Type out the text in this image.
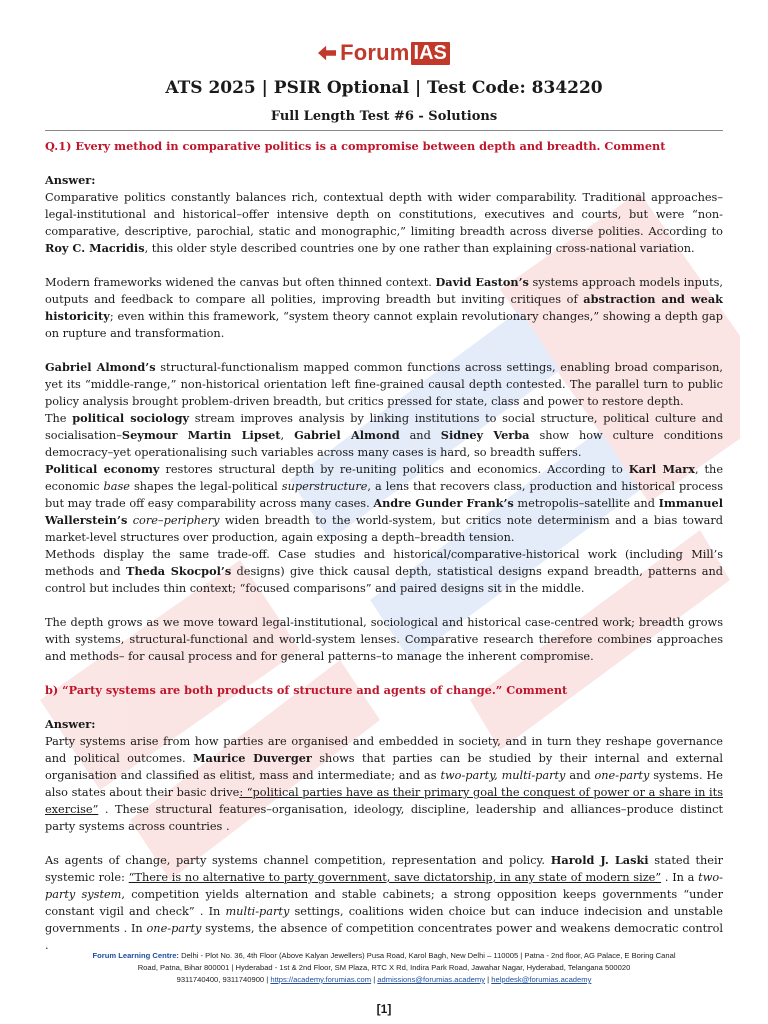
Forum IAS
ATS 2025 | PSIR Optional | Test Code: 834220
Full Length Test #6 - Solutions

Q.1) Every method in comparative politics is a compromise between depth and breadth. Comment

Answer:

Comparative politics constantly balances rich, contextual depth with wider comparability. Traditional approaches–legal-institutional and historical–offer intensive depth on constitutions, executives and courts, but were “non-comparative, descriptive, parochial, static and monographic,” limiting breadth across diverse polities. According to Roy C. Macridis, this older style described countries one by one rather than explaining cross-national variation.

Modern frameworks widened the canvas but often thinned context. David Easton’s systems approach models inputs, outputs and feedback to compare all polities, improving breadth but inviting critiques of abstraction and weak historicity; even within this framework, “system theory cannot explain revolutionary changes,” showing a depth gap on rupture and transformation.

Gabriel Almond’s structural-functionalism mapped common functions across settings, enabling broad comparison, yet its “middle-range,” non-historical orientation left fine-grained causal depth contested. The parallel turn to public policy analysis brought problem-driven breadth, but critics pressed for state, class and power to restore depth.

The political sociology stream improves analysis by linking institutions to social structure, political culture and socialisation–Seymour Martin Lipset, Gabriel Almond and Sidney Verba show how culture conditions democracy–yet operationalising such variables across many cases is hard, so breadth suffers.

Political economy restores structural depth by re-uniting politics and economics. According to Karl Marx, the economic base shapes the legal-political superstructure, a lens that recovers class, production and historical process but may trade off easy comparability across many cases. Andre Gunder Frank’s metropolis–satellite and Immanuel Wallerstein’s core–periphery widen breadth to the world-system, but critics note determinism and a bias toward market-level structures over production, again exposing a depth–breadth tension.

Methods display the same trade-off. Case studies and historical/comparative-historical work (including Mill’s methods and Theda Skocpol’s designs) give thick causal depth, statistical designs expand breadth, patterns and control but includes thin context; “focused comparisons” and paired designs sit in the middle.

The depth grows as we move toward legal-institutional, sociological and historical case-centred work; breadth grows with systems, structural-functional and world-system lenses. Comparative research therefore combines approaches and methods– for causal process and for general patterns–to manage the inherent compromise.

b) “Party systems are both products of structure and agents of change.” Comment

Answer:

Party systems arise from how parties are organised and embedded in society, and in turn they reshape governance and political outcomes. Maurice Duverger shows that parties can be studied by their internal and external organisation and classified as elitist, mass and intermediate; and as two-party, multi-party and one-party systems. He also states about their basic drive: “political parties have as their primary goal the conquest of power or a share in its exercise” . These structural features–organisation, ideology, discipline, leadership and alliances–produce distinct party systems across countries .

As agents of change, party systems channel competition, representation and policy. Harold J. Laski stated their systemic role: “There is no alternative to party government, save dictatorship, in any state of modern size” . In a two-party system, competition yields alternation and stable cabinets; a strong opposition keeps governments “under constant vigil and check” . In multi-party settings, coalitions widen choice but can induce indecision and unstable governments . In one-party systems, the absence of competition concentrates power and weakens democratic control .

Forum Learning Centre: Delhi - Plot No. 36, 4th Floor (Above Kalyan Jewellers) Pusa Road, Karol Bagh, New Delhi – 110005 | Patna - 2nd floor, AG Palace, E Boring Canal
Road, Patna, Bihar 800001 | Hyderabad - 1st & 2nd Floor, SM Plaza, RTC X Rd, Indira Park Road, Jawahar Nagar, Hyderabad, Telangana 500020
9311740400, 9311740900 | https://academy.forumias.com | admissions@forumias.academy | helpdesk@forumias.academy
[1]
